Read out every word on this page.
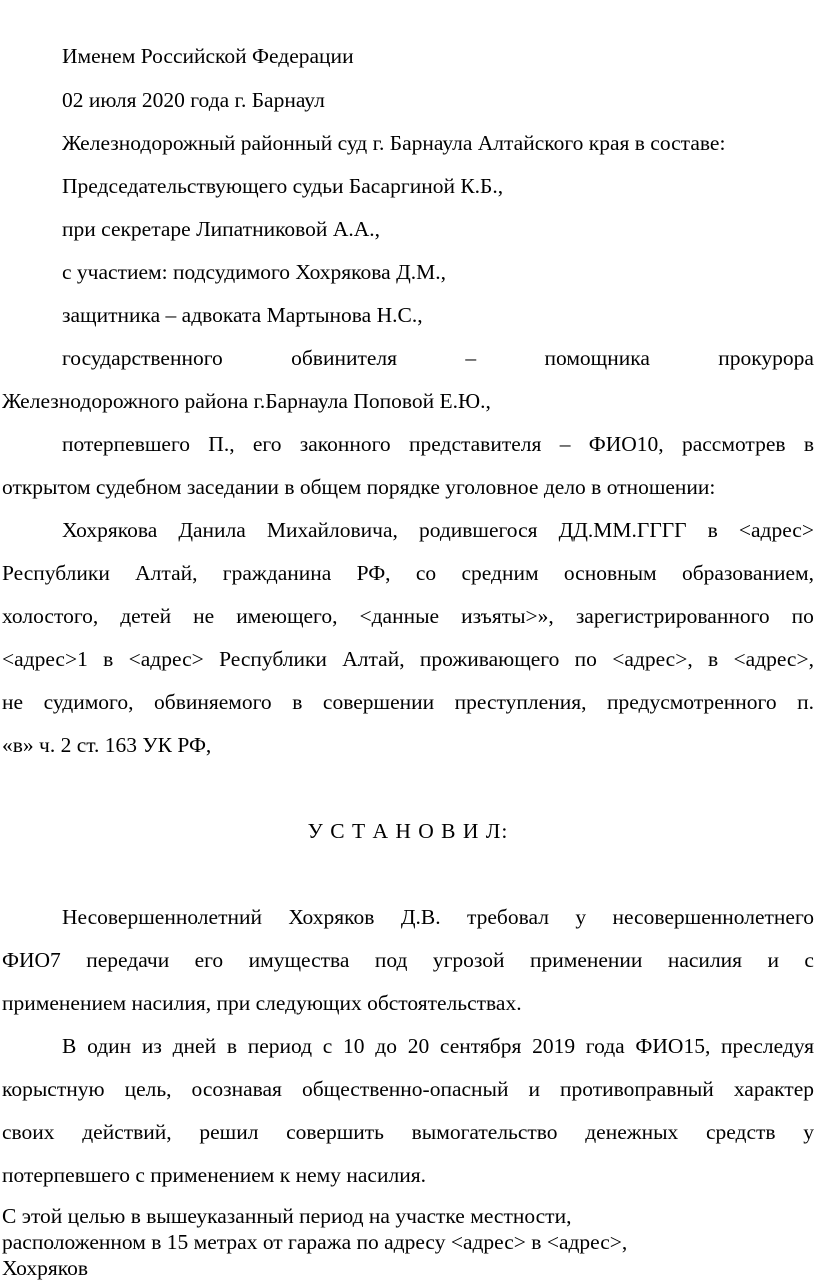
Именем Российской Федерации
02 июля 2020 года г. Барнаул
Железнодорожный районный суд г. Барнаула Алтайского края в составе:
Председательствующего судьи Басаргиной К.Б.,
при секретаре Липатниковой А.А.,
с участием: подсудимого Хохрякова Д.М.,
защитника – адвоката Мартынова Н.С.,
государственного	обвинителя	–	помощника	прокурора
Железнодорожного района г.Барнаула Поповой Е.Ю.,
потерпевшего П., его законного представителя – ФИО10, рассмотрев в
открытом судебном заседании в общем порядке уголовное дело в отношении:
Хохрякова Данила Михайловича, родившегося ДД.ММ.ГГГГ в <адрес>
Республики Алтай, гражданина РФ, со средним основным образованием,
холостого, детей не имеющего, <данные изъяты>», зарегистрированного по
<адрес>1 в <адрес> Республики Алтай, проживающего по <адрес>, в <адрес>,
не судимого, обвиняемого в совершении преступления, предусмотренного п.
«в» ч. 2 ст. 163 УК РФ,
У С Т А Н О В И Л:
Несовершеннолетний Хохряков Д.В. требовал у несовершеннолетнего
ФИО7 передачи его имущества под угрозой применении насилия и с
применением насилия, при следующих обстоятельствах.
В один из дней в период с 10 до 20 сентября 2019 года ФИО15, преследуя
корыстную цель, осознавая общественно-опасный и противоправный характер
своих действий, решил совершить вымогательство денежных средств у
потерпевшего с применением к нему насилия.
С этой целью в вышеуказанный период на участке местности,
расположенном в 15 метрах от гаража по адресу <адрес> в <адрес>,
Хохряков
